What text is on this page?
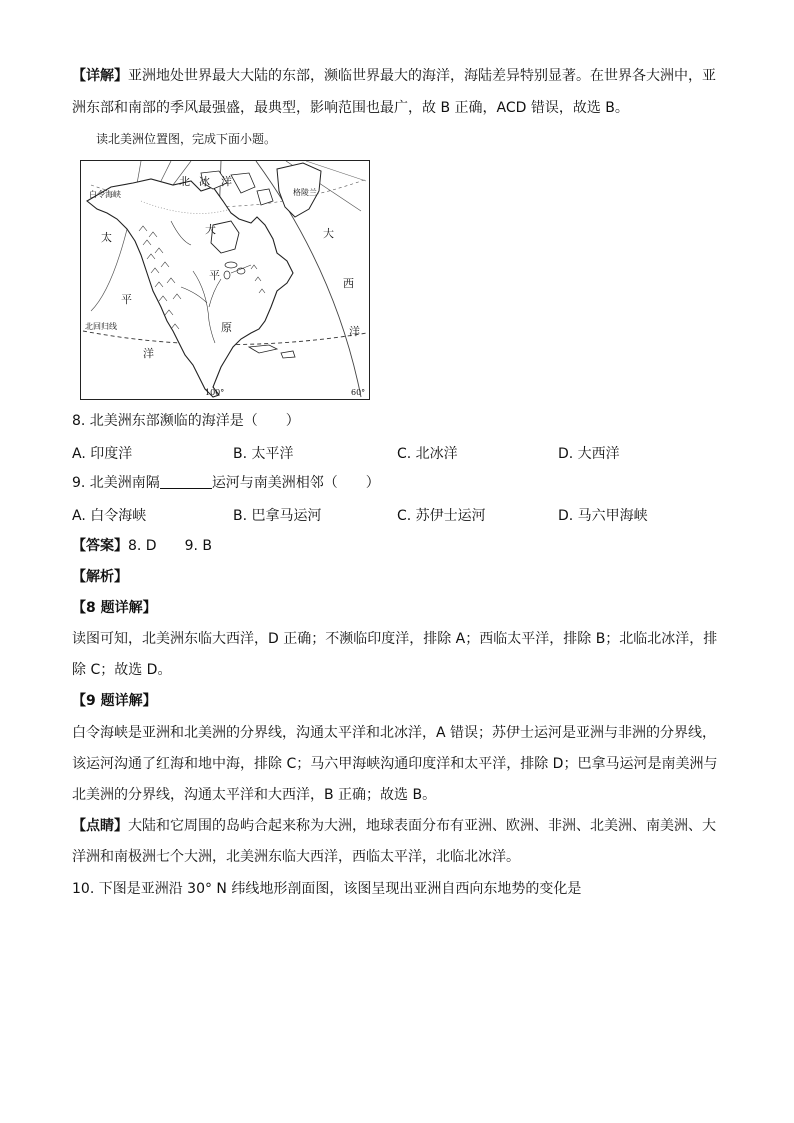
【详解】亚洲地处世界最大大陆的东部，濒临世界最大的海洋，海陆差异特别显著。在世界各大洲中，亚
洲东部和南部的季风最强盛，最典型，影响范围也最广，故 B 正确，ACD 错误，故选 B。
读北美洲位置图，完成下面小题。
北 冰 洋
太
平
洋
大
西
洋
大
平
原
白令海峡	格陵兰
北回归线
100°	60°
8. 北美洲东部濒临的海洋是（　　）
A. 印度洋	B. 太平洋	C. 北冰洋	D. 大西洋
9. 北美洲南隔	运河与南美洲相邻（　　）
A. 白令海峡	B. 巴拿马运河	C. 苏伊士运河	D. 马六甲海峡
【答案】8. D　　9. B
【解析】
【8 题详解】
读图可知，北美洲东临大西洋，D 正确；不濒临印度洋，排除 A；西临太平洋，排除 B；北临北冰洋，排
除 C；故选 D。
【9 题详解】
白令海峡是亚洲和北美洲的分界线，沟通太平洋和北冰洋，A 错误；苏伊士运河是亚洲与非洲的分界线，
该运河沟通了红海和地中海，排除 C；马六甲海峡沟通印度洋和太平洋，排除 D；巴拿马运河是南美洲与
北美洲的分界线，沟通太平洋和大西洋，B 正确；故选 B。
【点睛】大陆和它周围的岛屿合起来称为大洲，地球表面分布有亚洲、欧洲、非洲、北美洲、南美洲、大
洋洲和南极洲七个大洲，北美洲东临大西洋，西临太平洋，北临北冰洋。
10. 下图是亚洲沿 30° N 纬线地形剖面图，该图呈现出亚洲自西向东地势的变化是
